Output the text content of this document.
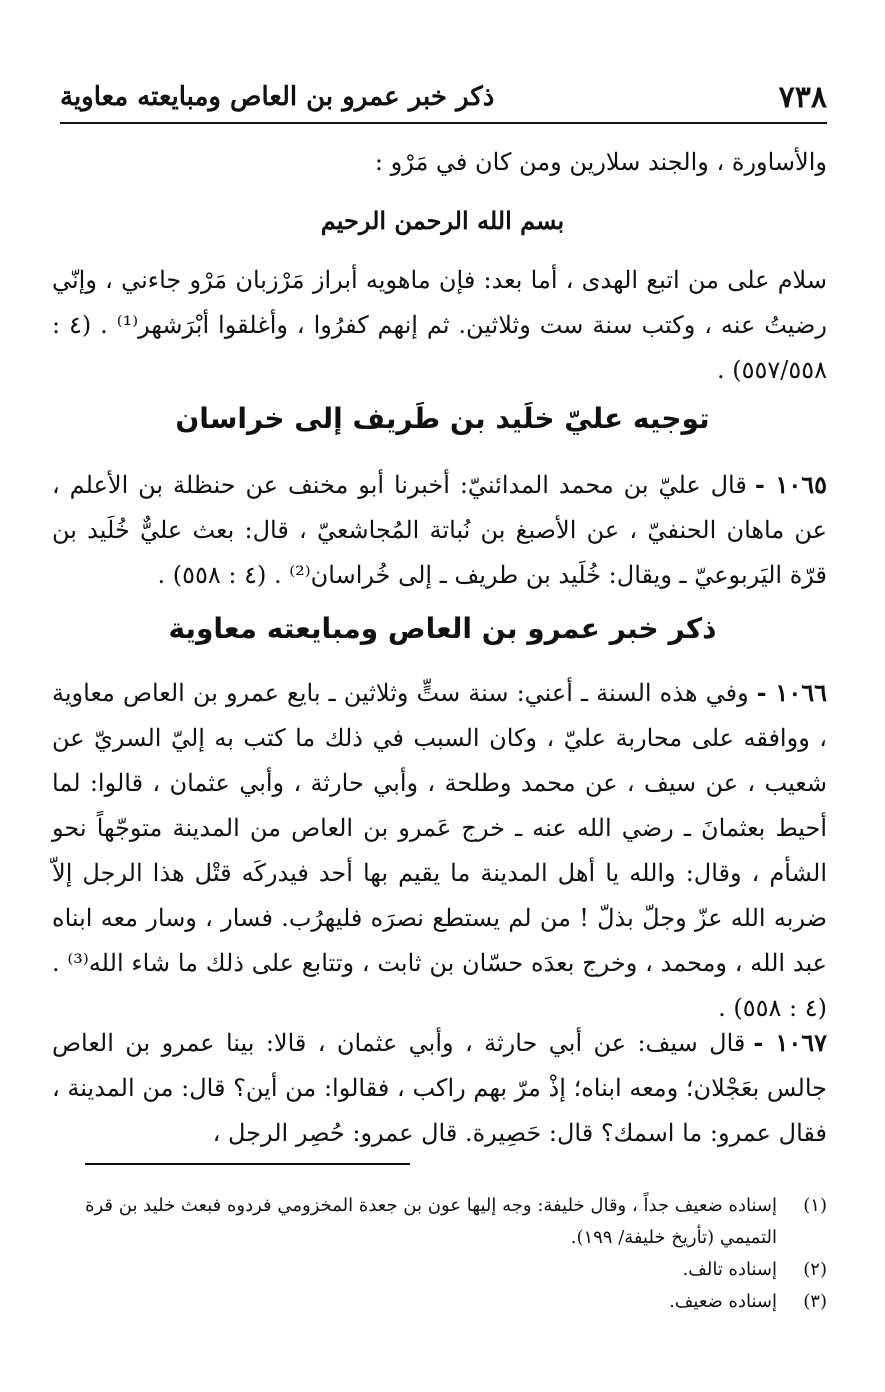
٧٣٨
ذكر خبر عمرو بن العاص ومبايعته معاوية

والأساورة ، والجند سلارين ومن كان في مَرْو :

بسم الله الرحمن الرحيم

سلام على من اتبع الهدى ، أما بعد: فإن ماهويه أبراز مَرْزبان مَرْو جاءني ، وإنّي رضيتُ عنه ، وكتب سنة ست وثلاثين. ثم إنهم كفرُوا ، وأغلقوا أبْرَشهر⁽¹⁾ . (٤ : ٥٥٧/٥٥٨) .

توجيه عليّ خلَيد بن طَريف إلى خراسان

١٠٦٥ -قال عليّ بن محمد المدائنيّ: أخبرنا أبو مخنف عن حنظلة بن الأعلم ، عن ماهان الحنفيّ ، عن الأصبغ بن نُباتة المُجاشعيّ ، قال: بعث عليٌّ خُلَيد بن قرّة اليَربوعيّ ـ ويقال: خُلَيد بن طريف ـ إلى خُراسان⁽²⁾ . (٤ : ٥٥٨) .

ذكر خبر عمرو بن العاص ومبايعته معاوية

١٠٦٦ -وفي هذه السنة ـ أعني: سنة ستٍّ وثلاثين ـ بايع عمرو بن العاص معاوية ، ووافقه على محاربة عليّ ، وكان السبب في ذلك ما كتب به إليّ السريّ عن شعيب ، عن سيف ، عن محمد وطلحة ، وأبي حارثة ، وأبي عثمان ، قالوا: لما أحيط بعثمانَ ـ رضي الله عنه ـ خرج عَمرو بن العاص من المدينة متوجّهاً نحو الشأم ، وقال: والله يا أهل المدينة ما يقيم بها أحد فيدركَه قتْل هذا الرجل إلاّ ضربه الله عزّ وجلّ بذلّ ! من لم يستطع نصرَه فليهرُب. فسار ، وسار معه ابناه عبد الله ، ومحمد ، وخرج بعدَه حسّان بن ثابت ، وتتابع على ذلك ما شاء الله⁽³⁾ . (٤ : ٥٥٨) .

١٠٦٧ -قال سيف: عن أبي حارثة ، وأبي عثمان ، قالا: بينا عمرو بن العاص جالس بعَجْلان؛ ومعه ابناه؛ إذْ مرّ بهم راكب ، فقالوا: من أين؟ قال: من المدينة ، فقال عمرو: ما اسمك؟ قال: حَصِيرة. قال عمرو: حُصِر الرجل ،

(١)
إسناده ضعيف جداً ، وقال خليفة: وجه إليها عون بن جعدة المخزومي فردوه فبعث خليد بن قرة التميمي (تأريخ خليفة/ ١٩٩).
(٢)
إسناده تالف.
(٣)
إسناده ضعيف.
